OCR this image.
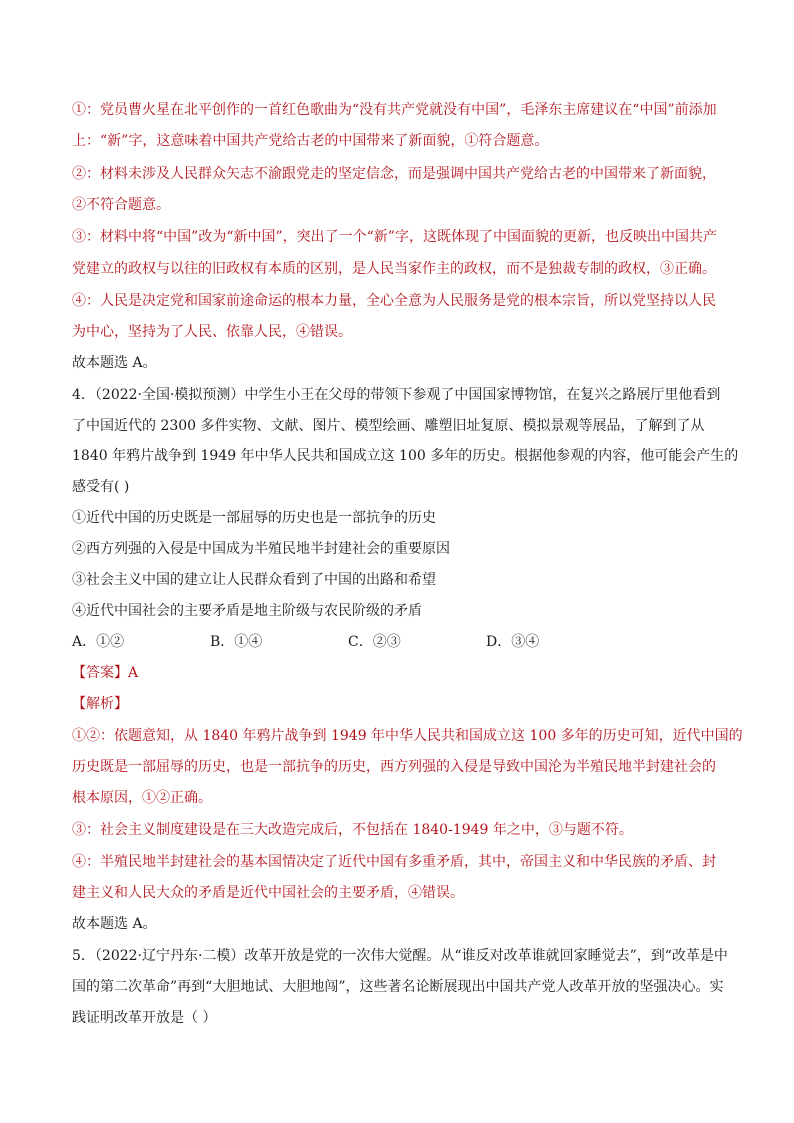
①：党员曹火星在北平创作的一首红色歌曲为“没有共产党就没有中国”，毛泽东主席建议在“中国”前添加
上：“新”字，这意味着中国共产党给古老的中国带来了新面貌，①符合题意。
②：材料未涉及人民群众矢志不渝跟党走的坚定信念，而是强调中国共产党给古老的中国带来了新面貌，
②不符合题意。
③：材料中将“中国”改为“新中国”，突出了一个“新”字，这既体现了中国面貌的更新，也反映出中国共产
党建立的政权与以往的旧政权有本质的区别，是人民当家作主的政权，而不是独裁专制的政权，③正确。
④：人民是决定党和国家前途命运的根本力量，全心全意为人民服务是党的根本宗旨，所以党坚持以人民
为中心，坚持为了人民、依靠人民，④错误。
故本题选 A。
4．（2022·全国·模拟预测）中学生小王在父母的带领下参观了中国国家博物馆，在复兴之路展厅里他看到
了中国近代的 2300 多件实物、文献、图片、模型绘画、雕塑旧址复原、模拟景观等展品，了解到了从
1840 年鸦片战争到 1949 年中华人民共和国成立这 100 多年的历史。根据他参观的内容，他可能会产生的
感受有( )
①近代中国的历史既是一部屈辱的历史也是一部抗争的历史
②西方列强的入侵是中国成为半殖民地半封建社会的重要原因
③社会主义中国的建立让人民群众看到了中国的出路和希望
④近代中国社会的主要矛盾是地主阶级与农民阶级的矛盾
A．①②	B．①④	C．②③	D．③④
【答案】A
【解析】
①②：依题意知，从 1840 年鸦片战争到 1949 年中华人民共和国成立这 100 多年的历史可知，近代中国的
历史既是一部屈辱的历史，也是一部抗争的历史，西方列强的入侵是导致中国沦为半殖民地半封建社会的
根本原因，①②正确。
③：社会主义制度建设是在三大改造完成后，不包括在 1840-1949 年之中，③与题不符。
④：半殖民地半封建社会的基本国情决定了近代中国有多重矛盾，其中，帝国主义和中华民族的矛盾、封
建主义和人民大众的矛盾是近代中国社会的主要矛盾，④错误。
故本题选 A。
5．（2022·辽宁丹东·二模）改革开放是党的一次伟大觉醒。从“谁反对改革谁就回家睡觉去”，到“改革是中
国的第二次革命”再到“大胆地试、大胆地闯”，这些著名论断展现出中国共产党人改革开放的坚强决心。实
践证明改革开放是（ ）
